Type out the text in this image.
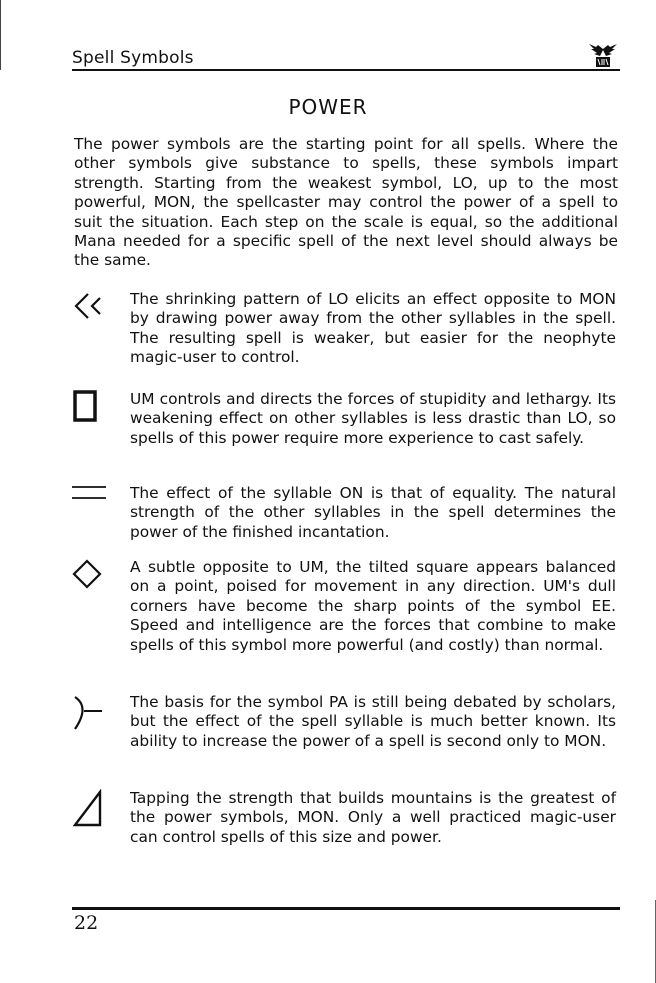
Spell Symbols
POWER
The power symbols are the starting point for all spells. Where the other symbols give substance to spells, these symbols impart strength. Starting from the weakest symbol, LO, up to the most powerful, MON, the spellcaster may control the power of a spell to suit the situation. Each step on the scale is equal, so the additional Mana needed for a specific spell of the next level should always be the same.
The shrinking pattern of LO elicits an effect opposite to MON by drawing power away from the other syllables in the spell. The resulting spell is weaker, but easier for the neophyte magic-user to control.
UM controls and directs the forces of stupidity and lethargy. Its weakening effect on other syllables is less drastic than LO, so spells of this power require more experience to cast safely.
The effect of the syllable ON is that of equality. The natural strength of the other syllables in the spell determines the power of the finished incantation.
A subtle opposite to UM, the tilted square appears balanced on a point, poised for movement in any direction. UM's dull corners have become the sharp points of the symbol EE. Speed and intelligence are the forces that combine to make spells of this symbol more powerful (and costly) than normal.
The basis for the symbol PA is still being debated by scholars, but the effect of the spell syllable is much better known. Its ability to increase the power of a spell is second only to MON.
Tapping the strength that builds mountains is the greatest of the power symbols, MON. Only a well practiced magic-user can control spells of this size and power.
22
